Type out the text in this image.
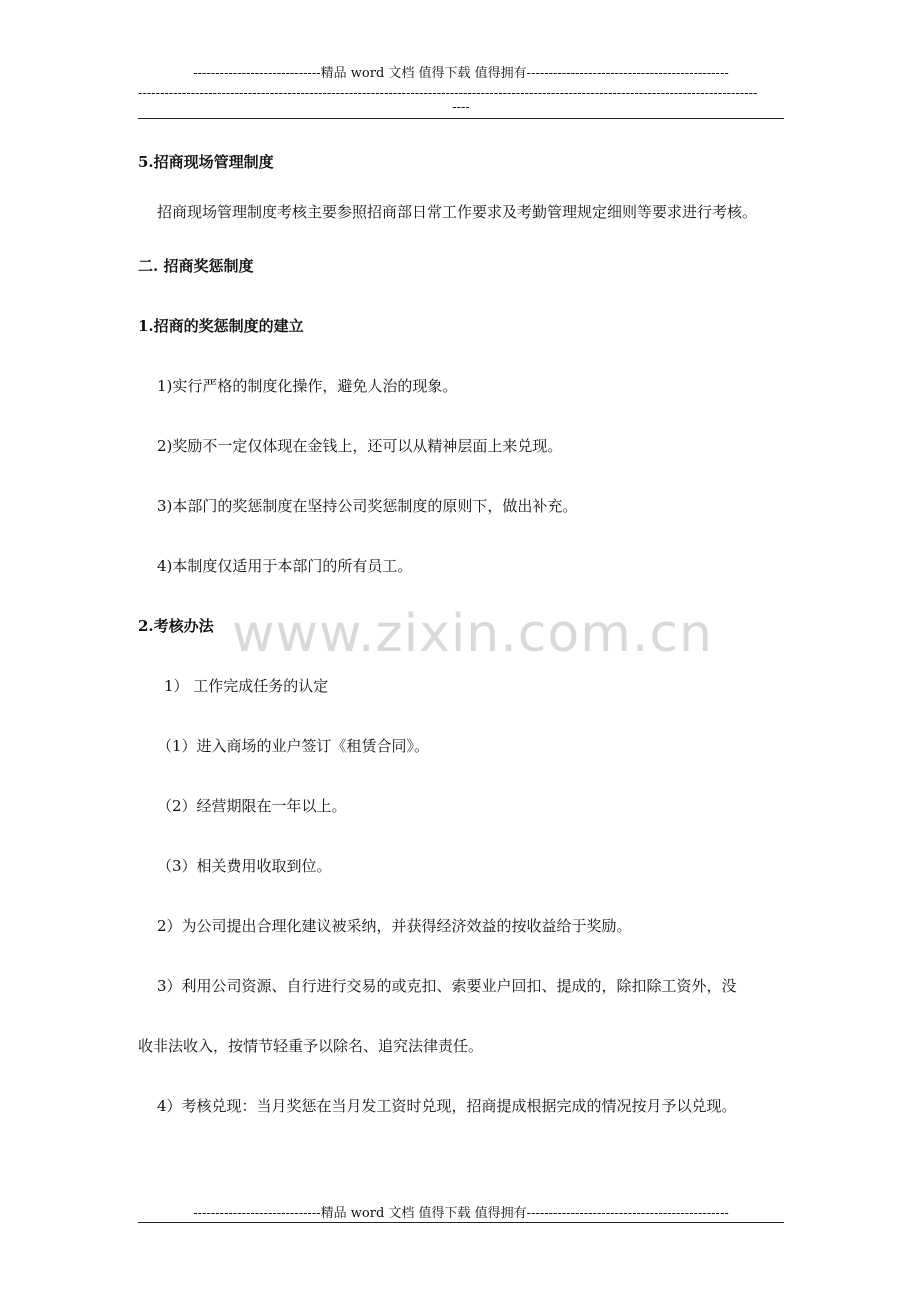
-----------------------------精品 word 文档 值得下载 值得拥有----------------------------------------------
---------------------------------------------------------------------------------------------------------------------------------------------
----
5.招商现场管理制度
招商现场管理制度考核主要参照招商部日常工作要求及考勤管理规定细则等要求进行考核。
二. 招商奖惩制度
1.招商的奖惩制度的建立
1)实行严格的制度化操作，避免人治的现象。
2)奖励不一定仅体现在金钱上，还可以从精神层面上来兑现。
3)本部门的奖惩制度在坚持公司奖惩制度的原则下，做出补充。
4)本制度仅适用于本部门的所有员工。
www.zixin.com.cn
2.考核办法
1） 工作完成任务的认定
（1）进入商场的业户签订《租赁合同》。
（2）经营期限在一年以上。
（3）相关费用收取到位。
2）为公司提出合理化建议被采纳，并获得经济效益的按收益给于奖励。
3）利用公司资源、自行进行交易的或克扣、索要业户回扣、提成的，除扣除工资外，没
收非法收入，按情节轻重予以除名、追究法律责任。
4）考核兑现：当月奖惩在当月发工资时兑现，招商提成根据完成的情况按月予以兑现。
-----------------------------精品 word 文档 值得下载 值得拥有----------------------------------------------
